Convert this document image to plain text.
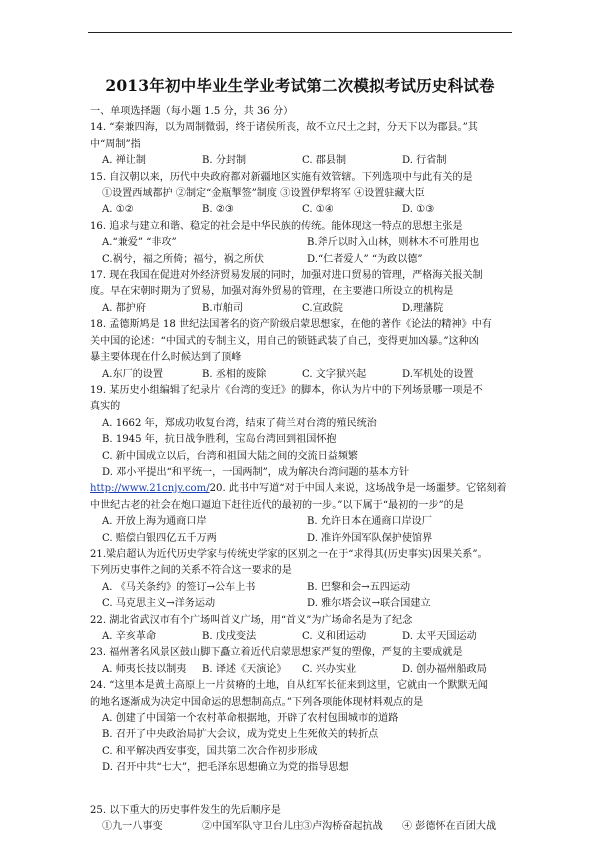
2013年初中毕业生学业考试第二次模拟考试历史科试卷
一、单项选择题（每小题 1.5 分，共 36 分）
14. “秦兼四海，以为周制微弱，终于诸侯所丧，故不立尺土之封，分天下以为郡县。”其
中“周制”指
A. 禅让制	B. 分封制	C. 郡县制	D. 行省制
15. 自汉朝以来，历代中央政府都对新疆地区实施有效管辖。下列选项中与此有关的是
①设置西域都护 ②制定“金瓶掣签”制度 ③设置伊犁将军 ④设置驻藏大臣
A. ①②	B. ②③	C. ①④	D. ①③
16. 追求与建立和谐、稳定的社会是中华民族的传统。能体现这一特点的思想主张是
A.“兼爱” “非攻”	B.斧斤以时入山林，则林木不可胜用也
C.祸兮，福之所倚；福兮，祸之所伏	D.“仁者爱人” “为政以德”
17. 现在我国在促进对外经济贸易发展的同时，加强对进口贸易的管理，严格海关报关制
度。早在宋朝时期为了贸易，加强对海外贸易的管理，在主要港口所设立的机构是
A. 都护府	B.市舶司	C.宣政院	D.理藩院
18. 孟德斯鸠是 18 世纪法国著名的资产阶级启蒙思想家，在他的著作《论法的精神》中有
关中国的论述：“中国式的专制主义，用自己的锁链武装了自己，变得更加凶暴。”这种凶
暴主要体现在什么时候达到了顶峰
A.东厂的设置	B. 丞相的废除	C. 文字狱兴起	D.军机处的设置
19. 某历史小组编辑了纪录片《台湾的变迁》的脚本，你认为片中的下列场景哪一项是不
真实的
A. 1662 年，郑成功收复台湾，结束了荷兰对台湾的殖民统治
B. 1945 年，抗日战争胜利，宝岛台湾回到祖国怀抱
C. 新中国成立以后，台湾和祖国大陆之间的交流日益频繁
D. 邓小平提出“和平统一，一国两制”，成为解决台湾问题的基本方针
http://www.21cnjy.com/20. 此书中写道“对于中国人来说，这场战争是一场噩梦。它铭刻着
中世纪古老的社会在炮口逼迫下赶往近代的最初的一步。”以下属于“最初的一步”的是
A. 开放上海为通商口岸	B. 允许日本在通商口岸设厂
C. 赔偿白银四亿五千万两	D. 准许外国军队保护使馆界
21.梁启超认为近代历史学家与传统史学家的区别之一在于“求得其(历史事实)因果关系”。
下列历史事件之间的关系不符合这一要求的是
A. 《马关条约》的签订→公车上书	B. 巴黎和会→五四运动
C. 马克思主义→洋务运动	D. 雅尔塔会议→联合国建立
22. 湖北省武汉市有个广场叫首义广场，用“首义”为广场命名是为了纪念
A. 辛亥革命	B. 戊戌变法	C. 义和团运动	D. 太平天国运动
23. 福州著名风景区鼓山脚下矗立着近代启蒙思想家严复的塑像，严复的主要成就是
A. 师夷长技以制夷	B. 译述《天演论》	C. 兴办实业	D. 创办福州船政局
24. “这里本是黄土高原上一片贫瘠的土地，自从红军长征来到这里，它就由一个默默无闻
的地名逐渐成为决定中国命运的思想制高点。”下列各项能体现材料观点的是
A. 创建了中国第一个农村革命根据地，开辟了农村包围城市的道路
B. 召开了中央政治局扩大会议，成为党史上生死攸关的转折点
C. 和平解决西安事变，国共第二次合作初步形成
D. 召开中共“七大”，把毛泽东思想确立为党的指导思想
25. 以下重大的历史事件发生的先后顺序是
①九一八事变	②中国军队守卫台儿庄 ③卢沟桥奋起抗战	④ 彭德怀在百团大战
